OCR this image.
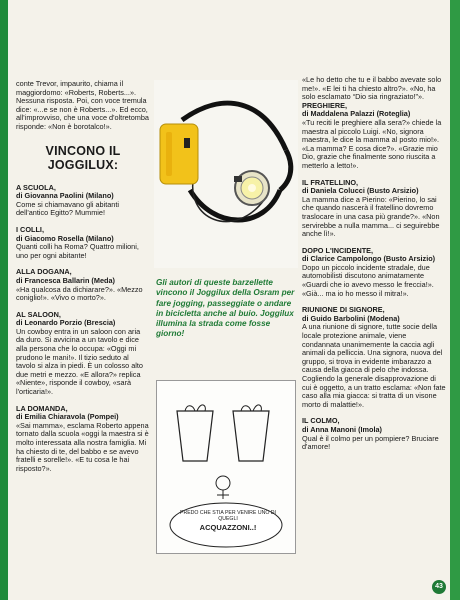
conte Trevor, impaurito, chiama il maggiordomo: «Roberts, Roberts...». Nessuna risposta. Poi, con voce tremula dice: «...e se non è Roberts...». Ed ecco, all'improvviso, che una voce d'oltretomba risponde: «Non è borotalco!».

VINCONO IL JOGGILUX:

A SCUOLA,

di Giovanna Paolini (Milano)

Come si chiamavano gli abitanti dell'antico Egitto? Mummie!

I COLLI,

di Giacomo Rosella (Milano)

Quanti colli ha Roma? Quattro milioni, uno per ogni abitante!

ALLA DOGANA,

di Francesca Ballarin (Meda)

«Ha qualcosa da dichiarare?». «Mezzo coniglio!». «Vivo o morto?».

AL SALOON,

di Leonardo Porzio (Brescia)

Un cowboy entra in un saloon con aria da duro. Si avvicina a un tavolo e dice alla persona che lo occupa: «Oggi mi prudono le mani!». Il tizio seduto al tavolo si alza in piedi. È un colosso alto due metri e mezzo. «E allora?» replica «Niente», risponde il cowboy, «sarà l'orticaria!».

LA DOMANDA,

di Emilia Chiaravola (Pompei)

«Sai mamma», esclama Roberto appena tornato dalla scuola «oggi la maestra si è molto interessata alla nostra famiglia. Mi ha chiesto di te, del babbo e se avevo fratelli e sorelle!». «E tu cosa le hai risposto?».

Gli autori di queste barzellette vincono il Joggilux della Osram per fare jogging, passeggiate o andare in bicicletta anche al buio. Joggilux illumina la strada come fosse giorno!

PREDO CHE STIA PER VENIRE UNO DI QUEGLI
ACQUAZZONI..!

«Le ho detto che tu e il babbo avevate solo me!». «E lei ti ha chiesto altro?». «No, ha solo esclamato “Dio sia ringraziato!”».

PREGHIERE,

di Maddalena Palazzi (Roteglia)

«Tu reciti le preghiere alla sera?» chiede la maestra al piccolo Luigi. «No, signora maestra, le dice la mamma al posto mio!». «La mamma? E cosa dice?». «Grazie mio Dio, grazie che finalmente sono riuscita a metterlo a letto!».

IL FRATELLINO,

di Daniela Colucci (Busto Arsizio)

La mamma dice a Pierino: «Pierino, lo sai che quando nascerà il fratellino dovremo traslocare in una casa più grande?». «Non servirebbe a nulla mamma... ci seguirebbe anche lì!».

DOPO L'INCIDENTE,

di Clarice Campolongo (Busto Arsizio)

Dopo un piccolo incidente stradale, due automobilisti discutono animatamente «Guardi che io avevo messo le freccia!». «Già... ma io ho messo il mitra!».

RIUNIONE DI SIGNORE,

di Guido Barbolini (Modena)

A una riunione di signore, tutte socie della locale protezione animale, viene condannata unanimemente la caccia agli animali da pelliccia. Una signora, nuova del gruppo, si trova in evidente imbarazzo a causa della giacca di pelo che indossa. Cogliendo la generale disapprovazione di cui è oggetto, a un tratto esclama: «Non fate caso alla mia giacca: si tratta di un visone morto di malattie!».

IL COLMO,

di Anna Manoni (Imola)

Qual è il colmo per un pompiere? Bruciare d'amore!

43
